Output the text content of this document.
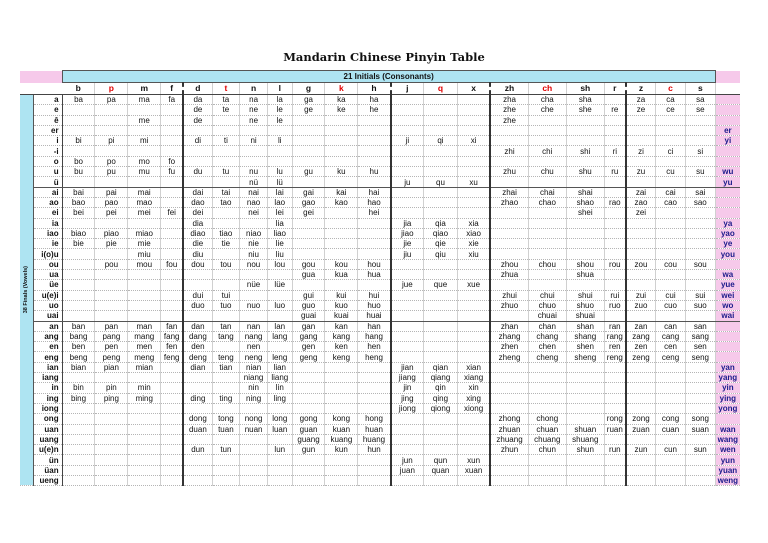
Mandarin Chinese Pinyin Table
		21 Initials (Consonants)																					
		b	p	m	f	d	t	n	l	g	k	h	j	q	x	zh	ch	sh	r	z	c	s	
38 Finals (Vowels)	a	ba	pa	ma	fa	da	ta	na	la	ga	ka	ha				zha	cha	sha		za	ca	sa	
	e					de	te	ne	le	ge	ke	he				zhe	che	she	re	ze	ce	se	
	ê			me		de		ne	le							zhe							
	er																						er
	i	bi	pi	mi		di	ti	ni	li				ji	qi	xi								yi
	-i															zhi	chi	shi	ri	zi	ci	si	
	o	bo	po	mo	fo																		
	u	bu	pu	mu	fu	du	tu	nu	lu	gu	ku	hu				zhu	chu	shu	ru	zu	cu	su	wu
	ü							nü	lü				ju	qu	xu								yu
	ai	bai	pai	mai		dai	tai	nai	lai	gai	kai	hai				zhai	chai	shai		zai	cai	sai	
	ao	bao	pao	mao		dao	tao	nao	lao	gao	kao	hao				zhao	chao	shao	rao	zao	cao	sao	
	ei	bei	pei	mei	fei	dei		nei	lei	gei		hei						shei		zei			
	ia					dia			lia				jia	qia	xia								ya
	iao	biao	piao	miao		diao	tiao	niao	liao				jiao	qiao	xiao								yao
	ie	bie	pie	mie		die	tie	nie	lie				jie	qie	xie								ye
	i(o)u			miu		diu		niu	liu				jiu	qiu	xiu								you
	ou		pou	mou	fou	dou	tou	nou	lou	gou	kou	hou				zhou	chou	shou	rou	zou	cou	sou	
	ua									gua	kua	hua				zhua		shua					wa
	üe							nüe	lüe				jue	que	xue								yue
	u(e)i					dui	tui			gui	kui	hui				zhui	chui	shui	rui	zui	cui	sui	wei
	uo					duo	tuo	nuo	luo	guo	kuo	huo				zhuo	chuo	shuo	ruo	zuo	cuo	suo	wo
	uai									guai	kuai	huai					chuai	shuai					wai
	an	ban	pan	man	fan	dan	tan	nan	lan	gan	kan	han				zhan	chan	shan	ran	zan	can	san	
	ang	bang	pang	mang	fang	dang	tang	nang	lang	gang	kang	hang				zhang	chang	shang	rang	zang	cang	sang	
	en	ben	pen	men	fen	den		nen		gen	ken	hen				zhen	chen	shen	ren	zen	cen	sen	
	eng	beng	peng	meng	feng	deng	teng	neng	leng	geng	keng	heng				zheng	cheng	sheng	reng	zeng	ceng	seng	
	ian	bian	pian	mian		dian	tian	nian	lian				jian	qian	xian								yan
	iang							niang	liang				jiang	qiang	xiang								yang
	in	bin	pin	min				nin	lin				jin	qin	xin								yin
	ing	bing	ping	ming		ding	ting	ning	ling				jing	qing	xing								ying
	iong												jiong	qiong	xiong								yong
	ong					dong	tong	nong	long	gong	kong	hong				zhong	chong		rong	zong	cong	song	
	uan					duan	tuan	nuan	luan	guan	kuan	huan				zhuan	chuan	shuan	ruan	zuan	cuan	suan	wan
	uang									guang	kuang	huang				zhuang	chuang	shuang					wang
	u(e)n					dun	tun		lun	gun	kun	hun				zhun	chun	shun	run	zun	cun	sun	wen
	ün												jun	qun	xun								yun
	üan												juan	quan	xuan								yuan
	ueng																						weng
